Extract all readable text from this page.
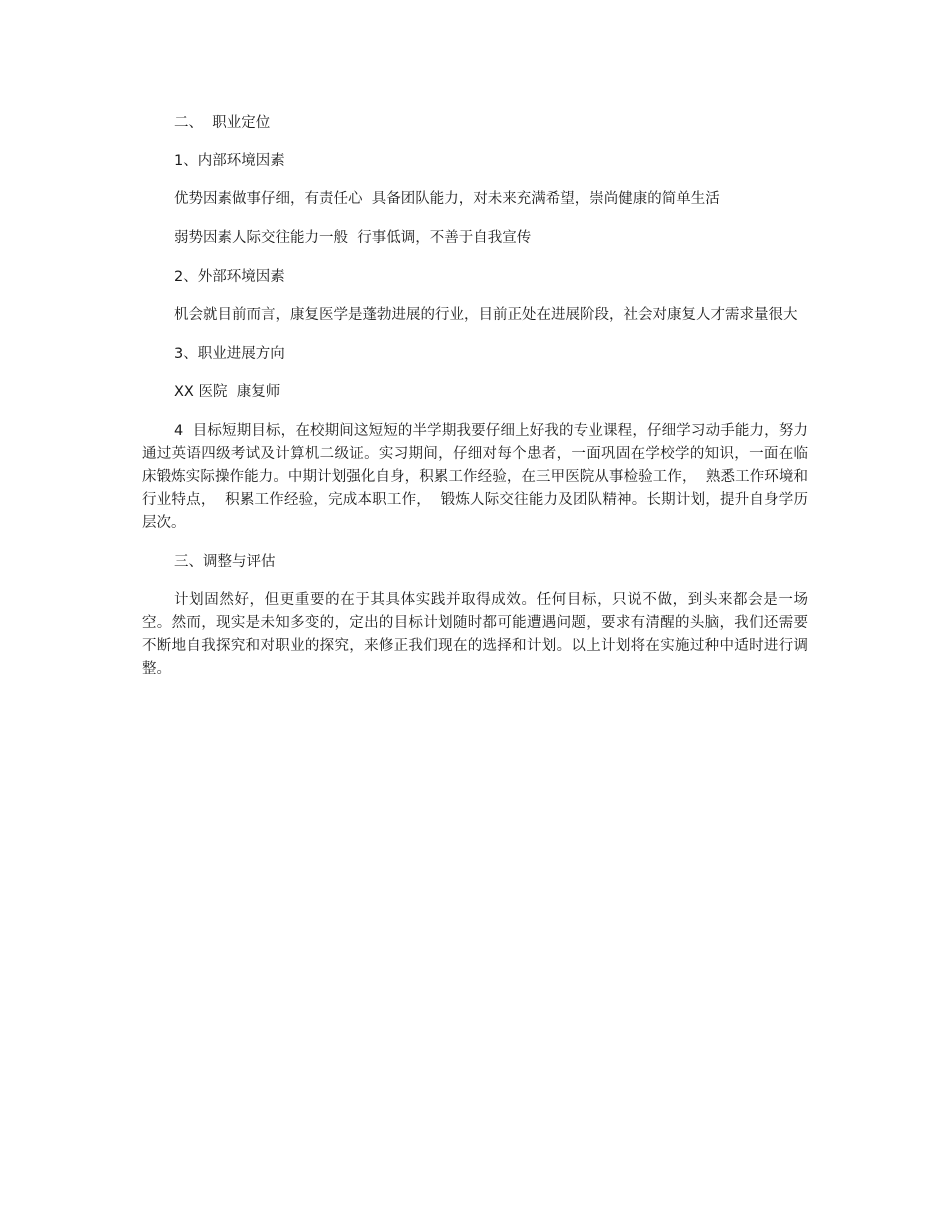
二、  职业定位

1、内部环境因素

优势因素做事仔细，有责任心  具备团队能力，对未来充满希望，崇尚健康的简单生活

弱势因素人际交往能力一般  行事低调，不善于自我宣传

2、外部环境因素

机会就目前而言，康复医学是蓬勃进展的行业，目前正处在进展阶段，社会对康复人才需求量很大

3、职业进展方向

XX 医院  康复师

4  目标短期目标，在校期间这短短的半学期我要仔细上好我的专业课程，仔细学习动手能力，努力通过英语四级考试及计算机二级证。实习期间，仔细对每个患者，一面巩固在学校学的知识，一面在临床锻炼实际操作能力。中期计划强化自身，积累工作经验，在三甲医院从事检验工作，  熟悉工作环境和行业特点，  积累工作经验，完成本职工作，  锻炼人际交往能力及团队精神。长期计划，提升自身学历层次。

三、调整与评估

计划固然好，但更重要的在于其具体实践并取得成效。任何目标，只说不做，到头来都会是一场空。然而，现实是未知多变的，定出的目标计划随时都可能遭遇问题，要求有清醒的头脑，我们还需要不断地自我探究和对职业的探究，来修正我们现在的选择和计划。以上计划将在实施过种中适时进行调整。
